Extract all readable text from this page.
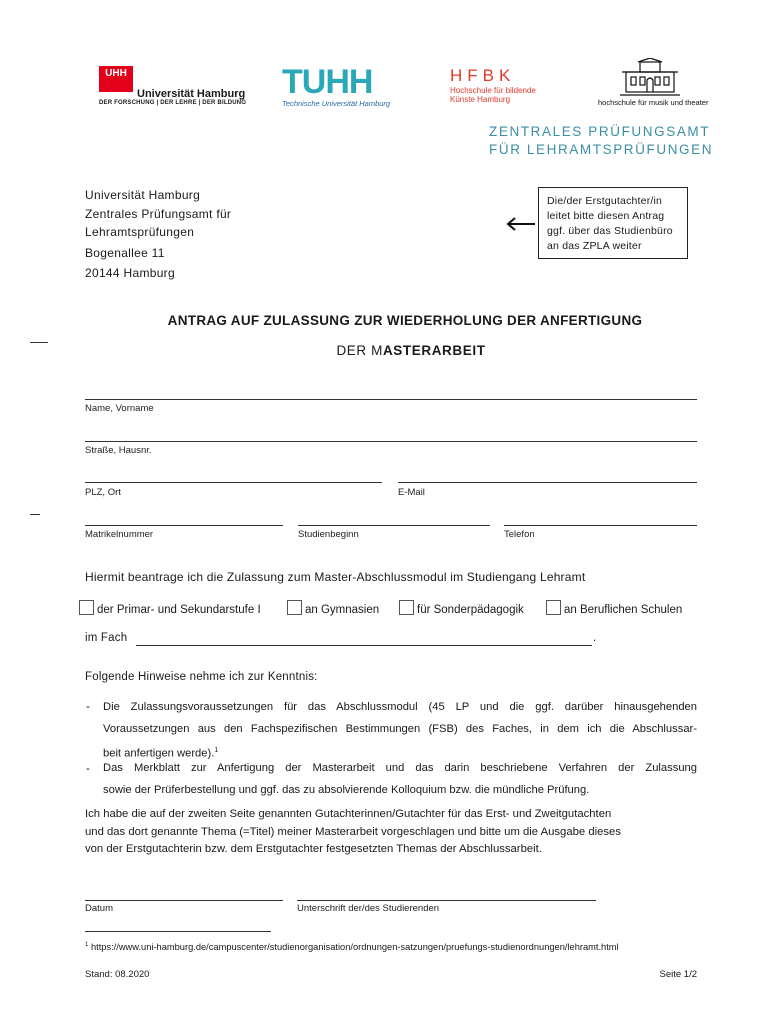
UHH
Universität Hamburg
DER FORSCHUNG | DER LEHRE | DER BILDUNG
TUHH
Technische Universität Hamburg
HFBK
Hochschule für bildende
Künste Hamburg	hochschule für musik und theater
ZENTRALES PRÜFUNGSAMT
FÜR LEHRAMTSPRÜFUNGEN
Universität Hamburg
Zentrales Prüfungsamt für
Lehramtsprüfungen
Bogenallee 11
20144 Hamburg
Die/der Erstgutachter/in
leitet bitte diesen Antrag
ggf. über das Studienbüro
an das ZPLA weiter
ANTRAG AUF ZULASSUNG ZUR WIEDERHOLUNG DER ANFERTIGUNG
DER MASTERARBEIT
Name, Vorname
Straße, Hausnr.
PLZ, Ort	E-Mail
Matrikelnummer	Studienbeginn	Telefon
Hiermit beantrage ich die Zulassung zum Master-Abschlussmodul im Studiengang Lehramt
der Primar- und Sekundarstufe I	an Gymnasien	für Sonderpädagogik	an Beruflichen Schulen
im Fach	.
Folgende Hinweise nehme ich zur Kenntnis:
- Die Zulassungsvoraussetzungen für das Abschlussmodul (45 LP und die ggf. darüber hinausgehenden
Voraussetzungen aus den Fachspezifischen Bestimmungen (FSB) des Faches, in dem ich die Abschlussar-
beit anfertigen werde).$^1$
- Das Merkblatt zur Anfertigung der Masterarbeit und das darin beschriebene Verfahren der Zulassung
sowie der Prüferbestellung und ggf. das zu absolvierende Kolloquium bzw. die mündliche Prüfung.
Ich habe die auf der zweiten Seite genannten Gutachterinnen/Gutachter für das Erst- und Zweitgutachten
und das dort genannte Thema (=Titel) meiner Masterarbeit vorgeschlagen und bitte um die Ausgabe dieses
von der Erstgutachterin bzw. dem Erstgutachter festgesetzten Themas der Abschlussarbeit.
Datum	Unterschrift der/des Studierenden
$^1$ https://www.uni-hamburg.de/campuscenter/studienorganisation/ordnungen-satzungen/pruefungs-studienordnungen/lehramt.html
Stand: 08.2020	Seite 1/2
